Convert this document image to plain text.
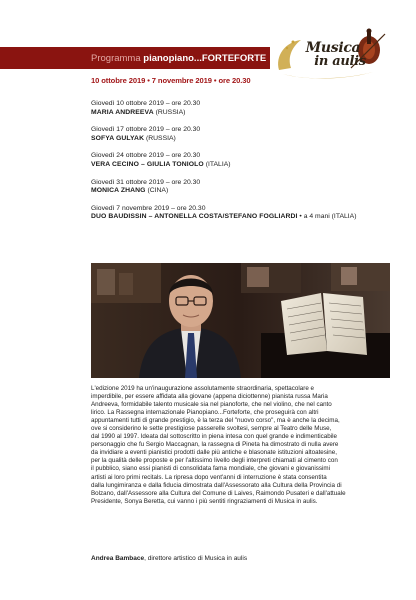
Programma
pianopiano...FORTEFORTE
Musica
in aulis
10 ottobre 2019 • 7 novembre 2019 • ore 20.30
Giovedì 10 ottobre 2019 – ore 20.30
MARIA ANDREEVA (RUSSIA)
Giovedì 17 ottobre 2019 – ore 20.30
SOFYA GULYAK (RUSSIA)
Giovedì 24 ottobre 2019 – ore 20.30
VERA CECINO – GIULIA TONIOLO (ITALIA)
Giovedì 31 ottobre 2019 – ore 20.30
MONICA ZHANG (CINA)
Giovedì 7 novembre 2019 – ore 20.30
DUO BAUDISSIN – ANTONELLA COSTA/STEFANO FOGLIARDI • a 4 mani (ITALIA)
L'edizione 2019 ha un'inaugurazione assolutamente straordinaria, spettacolare e
imperdibile, per essere affidata alla giovane (appena diciottenne) pianista russa Maria
Andreeva, formidabile talento musicale sia nel pianoforte, che nel violino, che nel canto
lirico. La Rassegna internazionale Pianopiano...Forteforte, che proseguirà con altri
appuntamenti tutti di grande prestigio, è la terza del "nuovo corso", ma è anche la decima,
ove si considerino le sette prestigiose passerelle svoltesi, sempre al Teatro delle Muse,
dal 1990 al 1997. Ideata dal sottoscritto in piena intesa con quel grande e indimenticabile
personaggio che fu Sergio Maccagnan, la rassegna di Pineta ha dimostrato di nulla avere
da invidiare a eventi pianistici prodotti dalle più antiche e blasonate istituzioni altoatesine,
per la qualità delle proposte e per l'altissimo livello degli interpreti chiamati al cimento con
il pubblico, siano essi pianisti di consolidata fama mondiale, che giovani e giovanissimi
artisti ai loro primi recitals. La ripresa dopo vent'anni di interruzione è stata consentita
dalla lungimiranza e dalla fiducia dimostrata dall'Assessorato alla Cultura della Provincia di
Bolzano, dall'Assessore alla Cultura del Comune di Laives, Raimondo Pusateri e dall'attuale
Presidente, Sonya Beretta, cui vanno i più sentiti ringraziamenti di Musica in aulis.
Andrea Bambace, direttore artistico di Musica in aulis
